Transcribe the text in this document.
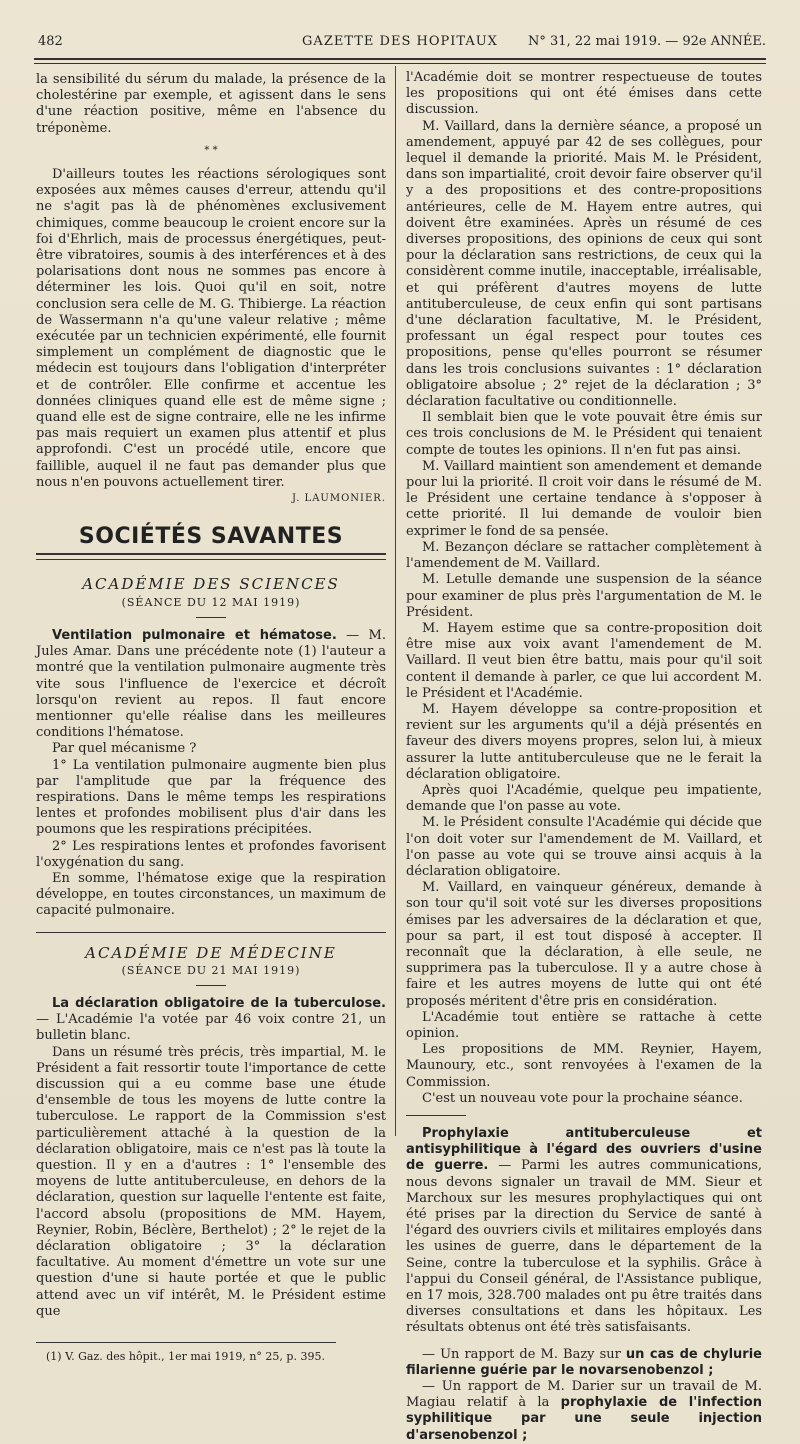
482	GAZETTE DES HOPITAUX	N° 31, 22 mai 1919. — 92e ANNÉE.

la sensibilité du sérum du malade, la présence de la cholestérine par exemple, et agissent dans le sens d'une réaction positive, même en l'absence du tréponème.

* *

D'ailleurs toutes les réactions sérologiques sont exposées aux mêmes causes d'erreur, attendu qu'il ne s'agit pas là de phénomènes exclusivement chimiques, comme beaucoup le croient encore sur la foi d'Ehrlich, mais de processus énergétiques, peut-être vibratoires, soumis à des interférences et à des polarisations dont nous ne sommes pas encore à déterminer les lois. Quoi qu'il en soit, notre conclusion sera celle de M. G. Thibierge. La réaction de Wassermann n'a qu'une valeur relative ; même exécutée par un technicien expérimenté, elle fournit simplement un complément de diagnostic que le médecin est toujours dans l'obligation d'interpréter et de contrôler. Elle confirme et accentue les données cliniques quand elle est de même signe ; quand elle est de signe contraire, elle ne les infirme pas mais requiert un examen plus attentif et plus approfondi. C'est un procédé utile, encore que faillible, auquel il ne faut pas demander plus que nous n'en pouvons actuellement tirer.

J. LAUMONIER.
SOCIÉTÉS SAVANTES
ACADÉMIE DES SCIENCES
(SÉANCE DU 12 MAI 1919)

Ventilation pulmonaire et hématose. — M. Jules Amar. Dans une précédente note (1) l'auteur a montré que la ventilation pulmonaire augmente très vite sous l'influence de l'exercice et décroît lorsqu'on revient au repos. Il faut encore mentionner qu'elle réalise dans les meilleures conditions l'hématose.

Par quel mécanisme ?

1° La ventilation pulmonaire augmente bien plus par l'amplitude que par la fréquence des respirations. Dans le même temps les respirations lentes et profondes mobilisent plus d'air dans les poumons que les respirations précipitées.

2° Les respirations lentes et profondes favorisent l'oxygénation du sang.

En somme, l'hématose exige que la respiration développe, en toutes circonstances, un maximum de capacité pulmonaire.

ACADÉMIE DE MÉDECINE
(SÉANCE DU 21 MAI 1919)

La déclaration obligatoire de la tuberculose. — L'Académie l'a votée par 46 voix contre 21, un bulletin blanc.

Dans un résumé très précis, très impartial, M. le Président a fait ressortir toute l'importance de cette discussion qui a eu comme base une étude d'ensemble de tous les moyens de lutte contre la tuberculose. Le rapport de la Commission s'est particulièrement attaché à la question de la déclaration obligatoire, mais ce n'est pas là toute la question. Il y en a d'autres : 1° l'ensemble des moyens de lutte antituberculeuse, en dehors de la déclaration, question sur laquelle l'entente est faite, l'accord absolu (propositions de MM. Hayem, Reynier, Robin, Béclère, Berthelot) ; 2° le rejet de la déclaration obligatoire ; 3° la déclaration facultative. Au moment d'émettre un vote sur une question d'une si haute portée et que le public attend avec un vif intérêt, M. le Président estime que

(1) V. Gaz. des hôpit., 1er mai 1919, n° 25, p. 395.

l'Académie doit se montrer respectueuse de toutes les propositions qui ont été émises dans cette discussion.

M. Vaillard, dans la dernière séance, a proposé un amendement, appuyé par 42 de ses collègues, pour lequel il demande la priorité. Mais M. le Président, dans son impartialité, croit devoir faire observer qu'il y a des propositions et des contre-propositions antérieures, celle de M. Hayem entre autres, qui doivent être examinées. Après un résumé de ces diverses propositions, des opinions de ceux qui sont pour la déclaration sans restrictions, de ceux qui la considèrent comme inutile, inacceptable, irréalisable, et qui préfèrent d'autres moyens de lutte antituberculeuse, de ceux enfin qui sont partisans d'une déclaration facultative, M. le Président, professant un égal respect pour toutes ces propositions, pense qu'elles pourront se résumer dans les trois conclusions suivantes : 1° déclaration obligatoire absolue ; 2° rejet de la déclaration ; 3° déclaration facultative ou conditionnelle.

Il semblait bien que le vote pouvait être émis sur ces trois conclusions de M. le Président qui tenaient compte de toutes les opinions. Il n'en fut pas ainsi.

M. Vaillard maintient son amendement et demande pour lui la priorité. Il croit voir dans le résumé de M. le Président une certaine tendance à s'opposer à cette priorité. Il lui demande de vouloir bien exprimer le fond de sa pensée.

M. Bezançon déclare se rattacher complètement à l'amendement de M. Vaillard.

M. Letulle demande une suspension de la séance pour examiner de plus près l'argumentation de M. le Président.

M. Hayem estime que sa contre-proposition doit être mise aux voix avant l'amendement de M. Vaillard. Il veut bien être battu, mais pour qu'il soit content il demande à parler, ce que lui accordent M. le Président et l'Académie.

M. Hayem développe sa contre-proposition et revient sur les arguments qu'il a déjà présentés en faveur des divers moyens propres, selon lui, à mieux assurer la lutte antituberculeuse que ne le ferait la déclaration obligatoire.

Après quoi l'Académie, quelque peu impatiente, demande que l'on passe au vote.

M. le Président consulte l'Académie qui décide que l'on doit voter sur l'amendement de M. Vaillard, et l'on passe au vote qui se trouve ainsi acquis à la déclaration obligatoire.

M. Vaillard, en vainqueur généreux, demande à son tour qu'il soit voté sur les diverses propositions émises par les adversaires de la déclaration et que, pour sa part, il est tout disposé à accepter. Il reconnaît que la déclaration, à elle seule, ne supprimera pas la tuberculose. Il y a autre chose à faire et les autres moyens de lutte qui ont été proposés méritent d'être pris en considération.

L'Académie tout entière se rattache à cette opinion.

Les propositions de MM. Reynier, Hayem, Maunoury, etc., sont renvoyées à l'examen de la Commission.

C'est un nouveau vote pour la prochaine séance.

Prophylaxie antituberculeuse et antisyphilitique à l'égard des ouvriers d'usine de guerre. — Parmi les autres communications, nous devons signaler un travail de MM. Sieur et Marchoux sur les mesures prophylactiques qui ont été prises par la direction du Service de santé à l'égard des ouvriers civils et militaires employés dans les usines de guerre, dans le département de la Seine, contre la tuberculose et la syphilis. Grâce à l'appui du Conseil général, de l'Assistance publique, en 17 mois, 328.700 malades ont pu être traités dans diverses consultations et dans les hôpitaux. Les résultats obtenus ont été très satisfaisants.

— Un rapport de M. Bazy sur un cas de chylurie filarienne guérie par le novarsenobenzol ;

— Un rapport de M. Darier sur un travail de M. Magiau relatif à la prophylaxie de l'infection syphilitique par une seule injection d'arsenobenzol ;
